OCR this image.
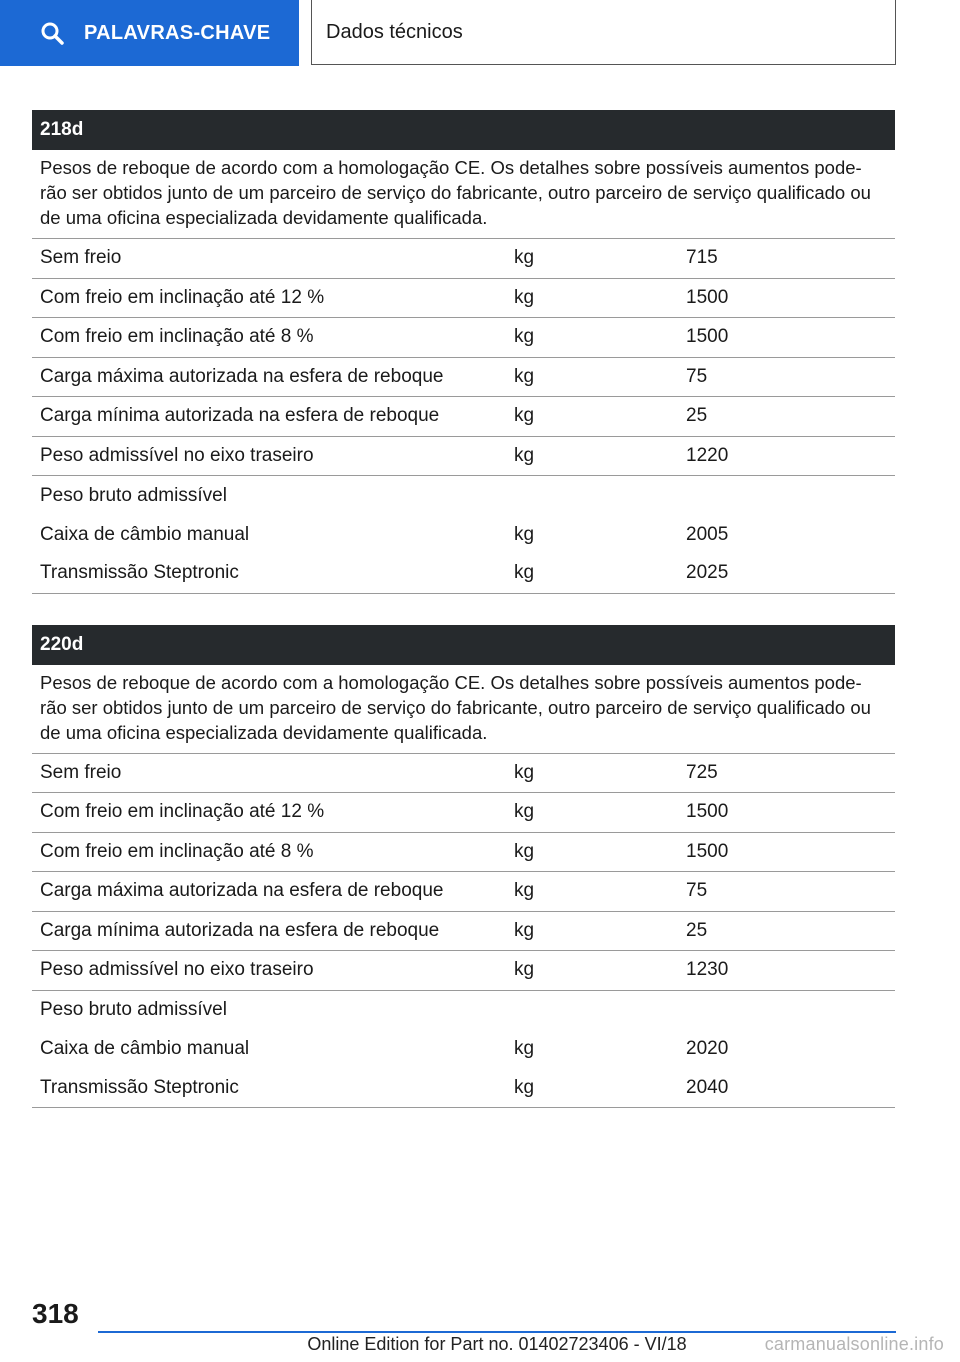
PALAVRAS-CHAVE	Dados técnicos
218d
Pesos de reboque de acordo com a homologação CE. Os detalhes sobre possíveis aumentos pode- rão ser obtidos junto de um parceiro de serviço do fabricante, outro parceiro de serviço qualificado ou de uma oficina especializada devidamente qualificada.
Sem freio	kg	715
Com freio em inclinação até 12 %	kg	1500
Com freio em inclinação até 8 %	kg	1500
Carga máxima autorizada na esfera de reboque	kg	75
Carga mínima autorizada na esfera de reboque	kg	25
Peso admissível no eixo traseiro	kg	1220
Peso bruto admissível
Caixa de câmbio manual	kg	2005
Transmissão Steptronic	kg	2025
220d
Pesos de reboque de acordo com a homologação CE. Os detalhes sobre possíveis aumentos pode- rão ser obtidos junto de um parceiro de serviço do fabricante, outro parceiro de serviço qualificado ou de uma oficina especializada devidamente qualificada.
Sem freio	kg	725
Com freio em inclinação até 12 %	kg	1500
Com freio em inclinação até 8 %	kg	1500
Carga máxima autorizada na esfera de reboque	kg	75
Carga mínima autorizada na esfera de reboque	kg	25
Peso admissível no eixo traseiro	kg	1230
Peso bruto admissível
Caixa de câmbio manual	kg	2020
Transmissão Steptronic	kg	2040
318
Online Edition for Part no. 01402723406 - VI/18	carmanualsonline.info
